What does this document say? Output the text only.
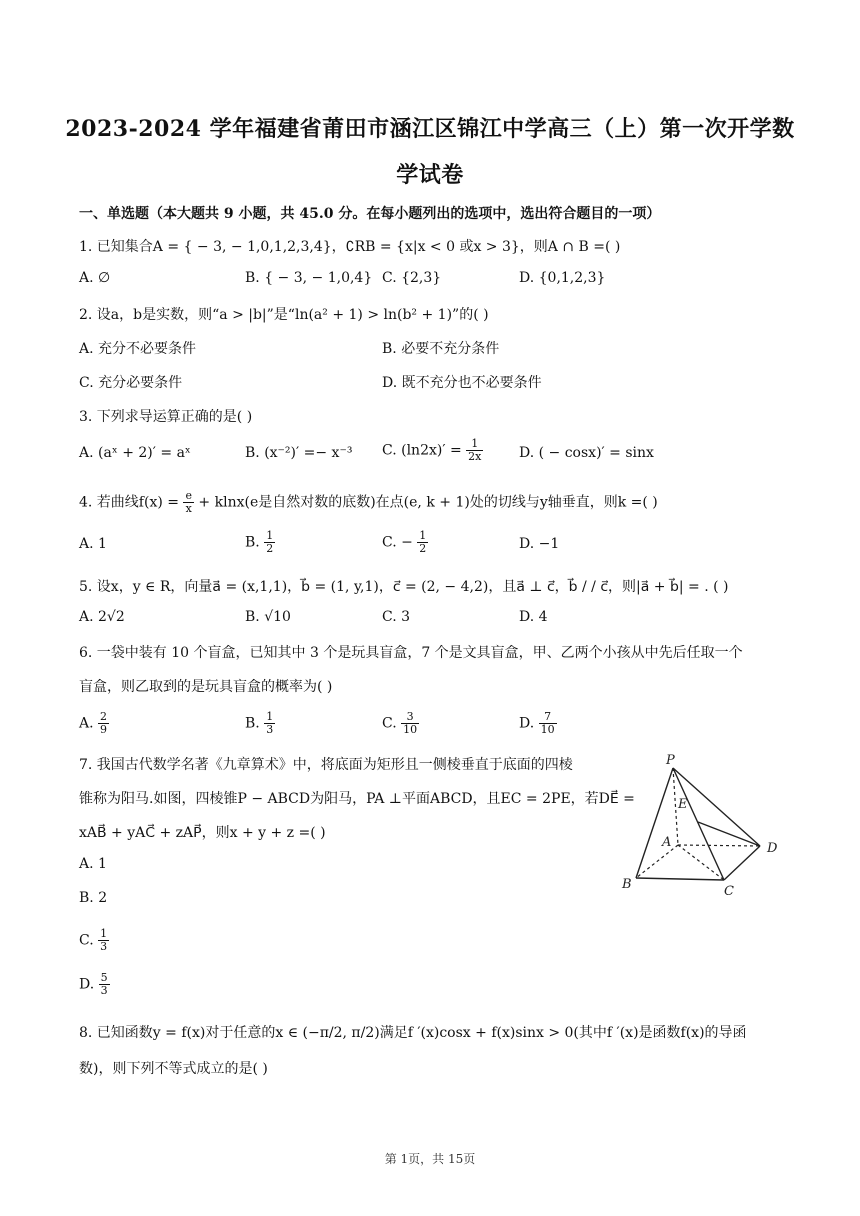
2023-2024 学年福建省莆田市涵江区锦江中学高三（上）第一次开学数
学试卷
一、单选题（本大题共 9 小题，共 45.0 分。在每小题列出的选项中，选出符合题目的一项）
1. 已知集合A = { − 3, − 1,0,1,2,3,4}，∁RB = {x|x < 0 或x > 3}，则A ∩ B =( )
A. ∅	B. { − 3, − 1,0,4} C. {2,3}	D. {0,1,2,3}
2. 设a，b是实数，则“a > |b|”是“ln(a² + 1) > ln(b² + 1)”的( )
A. 充分不必要条件	B. 必要不充分条件
C. 充分必要条件	D. 既不充分也不必要条件
3. 下列求导运算正确的是( )
A. (aˣ + 2)′ = aˣ	B. (x⁻²)′ =− x⁻³ C. $(\ln 2x)' = \frac{1}{2x}$	D. ( − cosx)′ = sinx
4. 若曲线$f(x) = \frac{e}{x} + klnx(e$是自然对数的底数)在点(e, k + 1)处的切线与y轴垂直，则k =( )
A. 1	B. $\frac{1}{2}$	C. − $\frac{1}{2}$	D. −1
5. 设x，y ∈ R，向量a⃗ = (x,1,1)，b⃗ = (1, y,1)，c⃗ = (2, − 4,2)，且a⃗ ⊥ c⃗，b⃗ / / c⃗，则|a⃗ + b⃗| = . ( )
A. 2√2	B. √10	C. 3	D. 4
6. 一袋中装有 10 个盲盒，已知其中 3 个是玩具盲盒，7 个是文具盲盒，甲、乙两个小孩从中先后任取一个
盲盒，则乙取到的是玩具盲盒的概率为( )
A. $\frac{2}{9}$	B. $\frac{1}{3}$	C. $\frac{3}{10}$	D. $\frac{7}{10}$
7. 我国古代数学名著《九章算术》中，将底面为矩形且一侧棱垂直于底面的四棱
锥称为阳马.如图，四棱锥P − ABCD为阳马，PA ⊥平面ABCD，且EC = 2PE，若DE⃗ =
xAB⃗ + yAC⃗ + zAP⃗，则x + y + z =( )
A. 1
B. 2
C. $\frac{1}{3}$
D. $\frac{5}{3}$
P
E
A
B	C
D
8. 已知函数y = f(x)对于任意的x ∈ (−π/2, π/2)满足f ′(x)cosx + f(x)sinx > 0(其中f ′(x)是函数f(x)的导函
数)，则下列不等式成立的是( )
第 1页，共 15页
